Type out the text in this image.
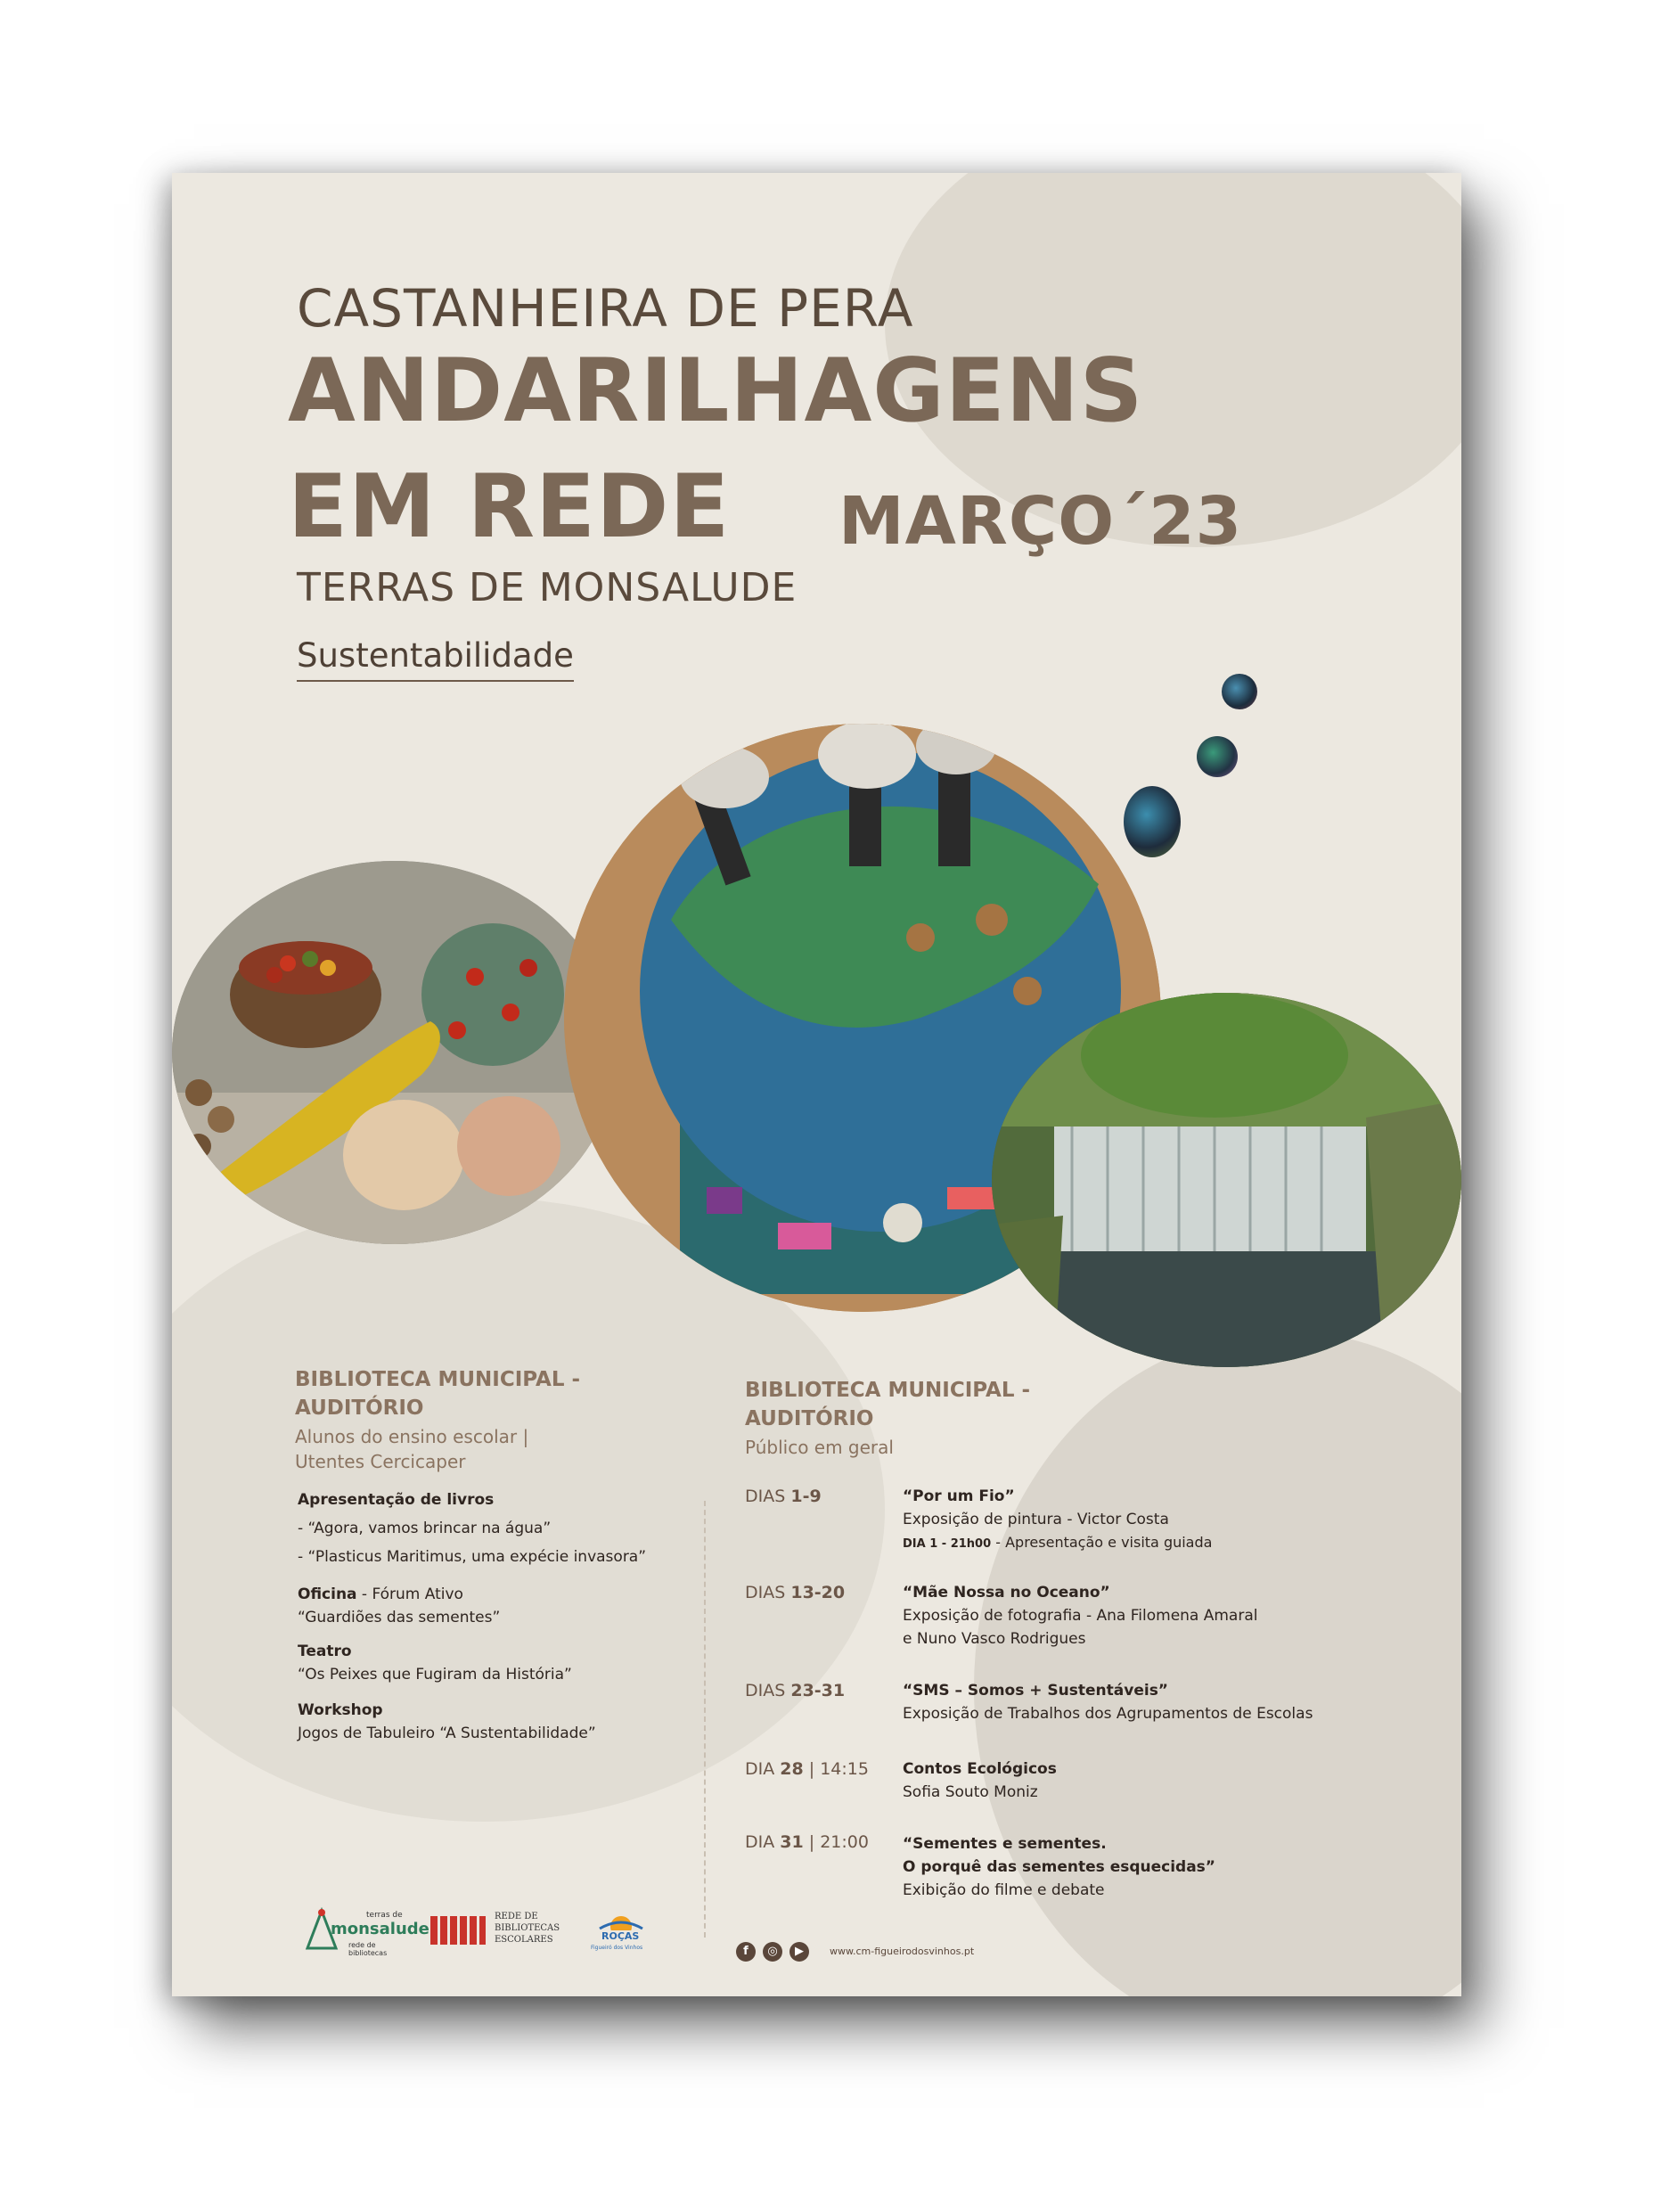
CASTANHEIRA DE PERA
ANDARILHAGENS
EM REDE MARÇO´23
TERRAS DE MONSALUDE
Sustentabilidade
BIBLIOTECA MUNICIPAL -
AUDITÓRIO
Alunos do ensino escolar |
Utentes Cercicaper
Apresentação de livros
- “Agora, vamos brincar na água”
- “Plasticus Maritimus, uma expécie invasora”
Oficina - Fórum Ativo
“Guardiões das sementes”
Teatro
“Os Peixes que Fugiram da História”
Workshop
Jogos de Tabuleiro “A Sustentabilidade”
BIBLIOTECA MUNICIPAL -
AUDITÓRIO
Público em geral
DIAS 1-9	“Por um Fio”
Exposição de pintura - Victor Costa
DIA 1 - 21h00 - Apresentação e visita guiada
DIAS 13-20	“Mãe Nossa no Oceano”
Exposição de fotografia - Ana Filomena Amaral
e Nuno Vasco Rodrigues
DIAS 23-31	“SMS – Somos + Sustentáveis”
Exposição de Trabalhos dos Agrupamentos de Escolas
DIA 28 | 14:15 Contos Ecológicos
Sofia Souto Moniz
DIA 31 | 21:00 “Sementes e sementes.
O porquê das sementes esquecidas”
Exibição do filme e debate
terras de
monsalude
rede de bibliotecas
REDE DE
BIBLIOTECAS
ESCOLARES	ROÇAS
Figueiró dos Vinhos	f	◎	▶	www.cm-figueirodosvinhos.pt
